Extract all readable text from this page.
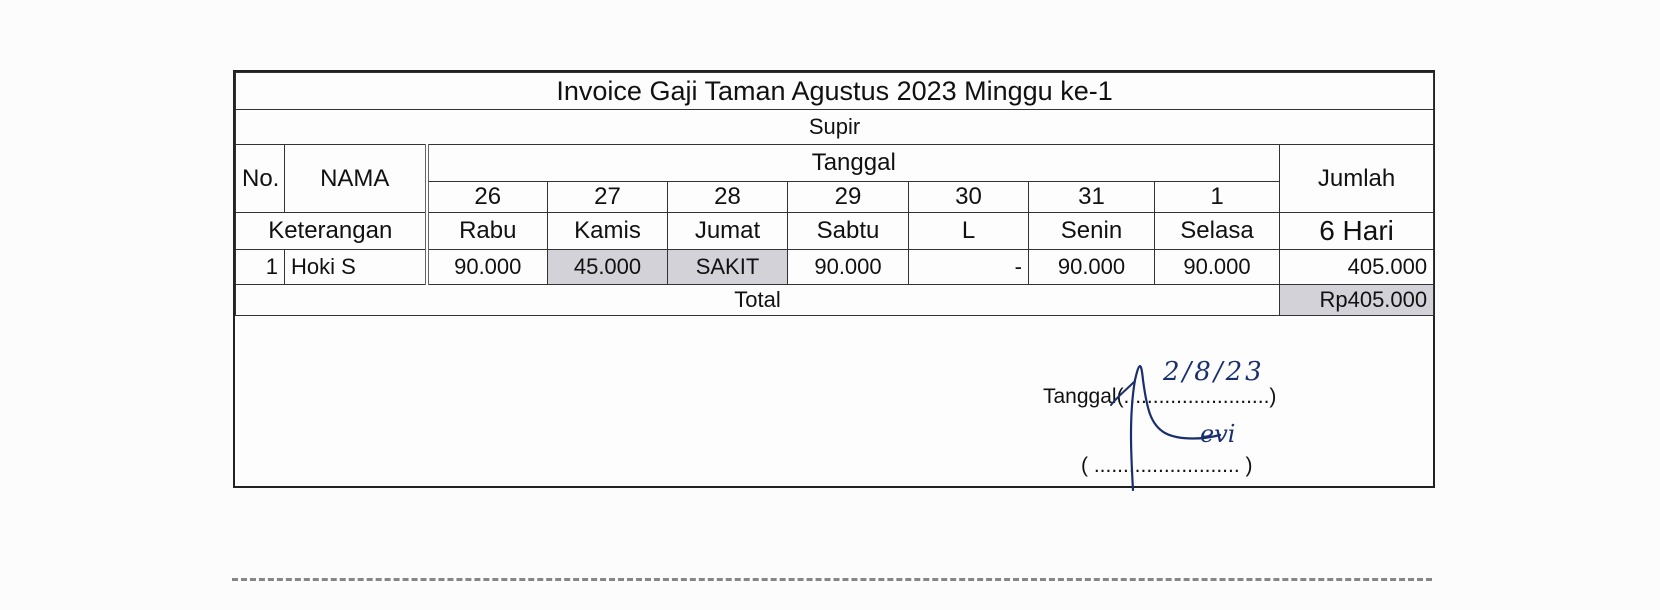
Invoice Gaji Taman Agustus 2023 Minggu ke-1									
Supir									
No.	NAMA	Tanggal							Jumlah
		26	27	28	29	30	31	1	
Keterangan		Rabu	Kamis	Jumat	Sabtu	L	Senin	Selasa	6 Hari
1	Hoki S	90.000	45.000	SAKIT	90.000	-	90.000	90.000	405.000
Total									Rp405.000
2/8/23
Tanggal(.........................)
( ......................... )
evi
